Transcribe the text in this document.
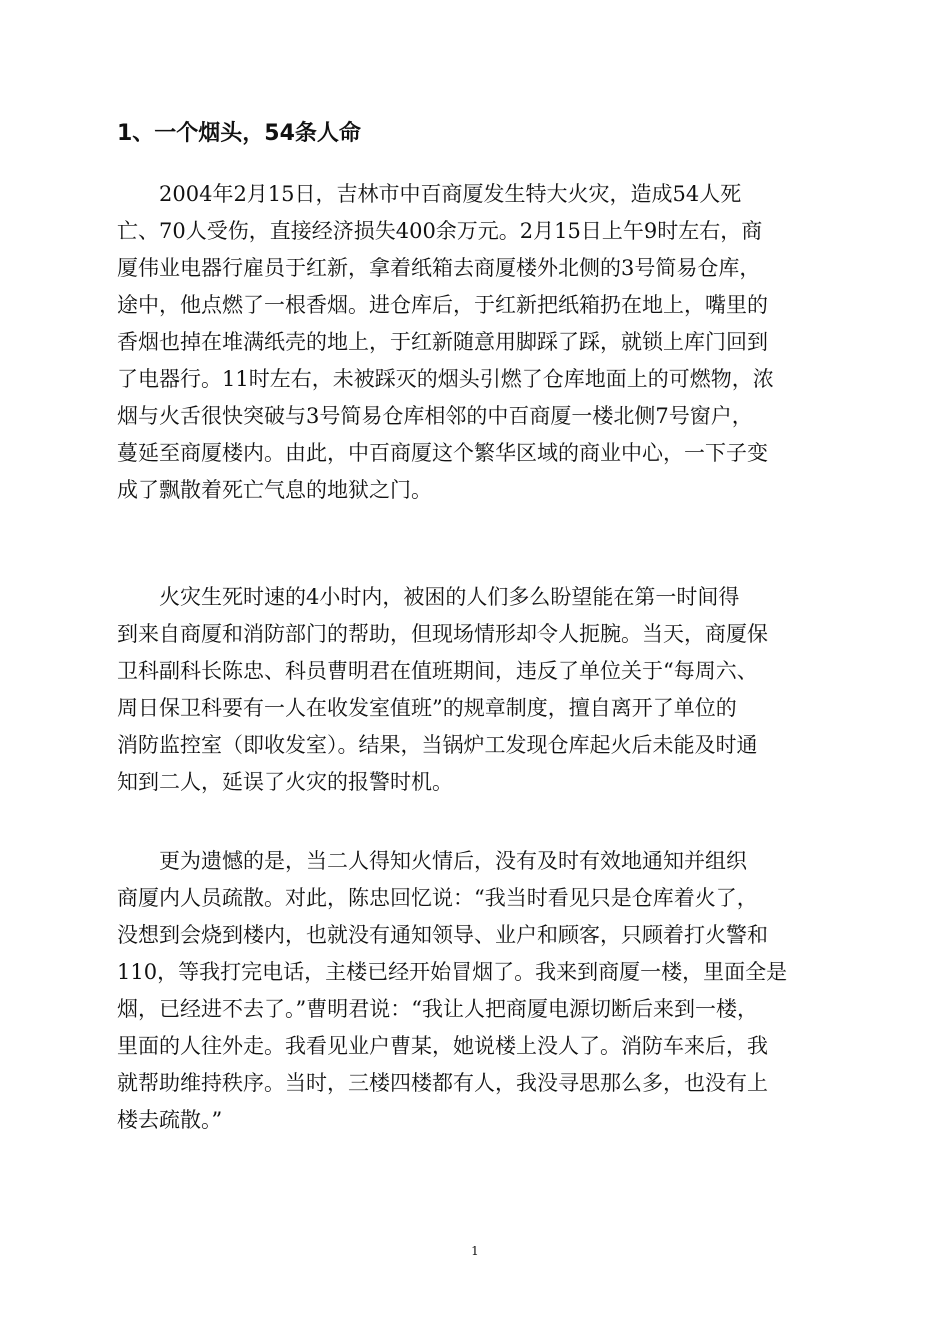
1、一个烟头，54条人命
　　2004年2月15日，吉林市中百商厦发生特大火灾，造成54人死
亡、70人受伤，直接经济损失400余万元。2月15日上午9时左右，商
厦伟业电器行雇员于红新，拿着纸箱去商厦楼外北侧的3号简易仓库，
途中，他点燃了一根香烟。进仓库后，于红新把纸箱扔在地上，嘴里的
香烟也掉在堆满纸壳的地上，于红新随意用脚踩了踩，就锁上库门回到
了电器行。11时左右，未被踩灭的烟头引燃了仓库地面上的可燃物，浓
烟与火舌很快突破与3号简易仓库相邻的中百商厦一楼北侧7号窗户，
蔓延至商厦楼内。由此，中百商厦这个繁华区域的商业中心，一下子变
成了飘散着死亡气息的地狱之门。
　　火灾生死时速的4小时内，被困的人们多么盼望能在第一时间得
到来自商厦和消防部门的帮助，但现场情形却令人扼腕。当天，商厦保
卫科副科长陈忠、科员曹明君在值班期间，违反了单位关于“每周六、
周日保卫科要有一人在收发室值班”的规章制度，擅自离开了单位的
消防监控室（即收发室）。结果，当锅炉工发现仓库起火后未能及时通
知到二人，延误了火灾的报警时机。
　　更为遗憾的是，当二人得知火情后，没有及时有效地通知并组织
商厦内人员疏散。对此，陈忠回忆说：“我当时看见只是仓库着火了，
没想到会烧到楼内，也就没有通知领导、业户和顾客，只顾着打火警和
110，等我打完电话，主楼已经开始冒烟了。我来到商厦一楼，里面全是
烟，已经进不去了。”曹明君说：“我让人把商厦电源切断后来到一楼，
里面的人往外走。我看见业户曹某，她说楼上没人了。消防车来后，我
就帮助维持秩序。当时，三楼四楼都有人，我没寻思那么多，也没有上
楼去疏散。”
1
